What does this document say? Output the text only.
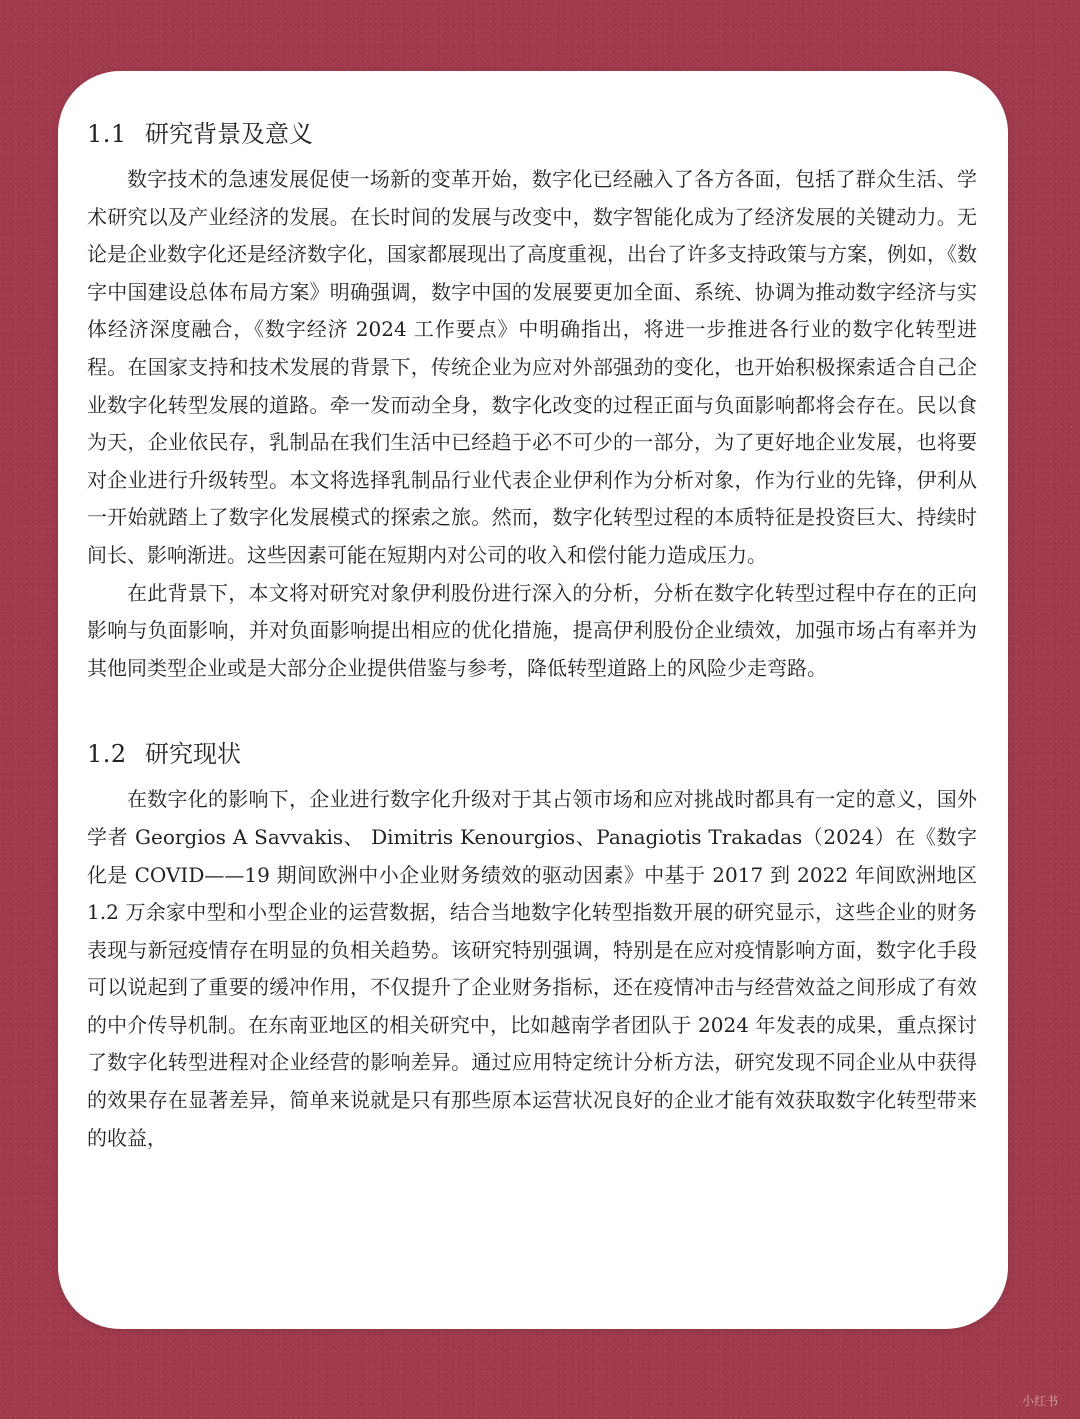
1.1 研究背景及意义

数字技术的急速发展促使一场新的变革开始，数字化已经融入了各方各面，包括了群众生活、学术研究以及产业经济的发展。在长时间的发展与改变中，数字智能化成为了经济发展的关键动力。无论是企业数字化还是经济数字化，国家都展现出了高度重视，出台了许多支持政策与方案，例如，《数字中国建设总体布局方案》明确强调，数字中国的发展要更加全面、系统、协调为推动数字经济与实体经济深度融合，《数字经济 2024 工作要点》中明确指出，将进一步推进各行业的数字化转型进程。在国家支持和技术发展的背景下，传统企业为应对外部强劲的变化，也开始积极探索适合自己企业数字化转型发展的道路。牵一发而动全身，数字化改变的过程正面与负面影响都将会存在。民以食为天，企业依民存，乳制品在我们生活中已经趋于必不可少的一部分，为了更好地企业发展，也将要对企业进行升级转型。本文将选择乳制品行业代表企业伊利作为分析对象，作为行业的先锋，伊利从一开始就踏上了数字化发展模式的探索之旅。然而，数字化转型过程的本质特征是投资巨大、持续时间长、影响渐进。这些因素可能在短期内对公司的收入和偿付能力造成压力。

在此背景下，本文将对研究对象伊利股份进行深入的分析，分析在数字化转型过程中存在的正向影响与负面影响，并对负面影响提出相应的优化措施，提高伊利股份企业绩效，加强市场占有率并为其他同类型企业或是大部分企业提供借鉴与参考，降低转型道路上的风险少走弯路。

1.2 研究现状

在数字化的影响下，企业进行数字化升级对于其占领市场和应对挑战时都具有一定的意义，国外学者 Georgios A Savvakis、 Dimitris Kenourgios、Panagiotis Trakadas（2024）在《数字化是 COVID——19 期间欧洲中小企业财务绩效的驱动因素》中基于 2017 到 2022 年间欧洲地区 1.2 万余家中型和小型企业的运营数据，结合当地数字化转型指数开展的研究显示，这些企业的财务表现与新冠疫情存在明显的负相关趋势。该研究特别强调，特别是在应对疫情影响方面，数字化手段可以说起到了重要的缓冲作用，不仅提升了企业财务指标，还在疫情冲击与经营效益之间形成了有效的中介传导机制。在东南亚地区的相关研究中，比如越南学者团队于 2024 年发表的成果，重点探讨了数字化转型进程对企业经营的影响差异。通过应用特定统计分析方法，研究发现不同企业从中获得的效果存在显著差异，简单来说就是只有那些原本运营状况良好的企业才能有效获取数字化转型带来的收益，

小红书
